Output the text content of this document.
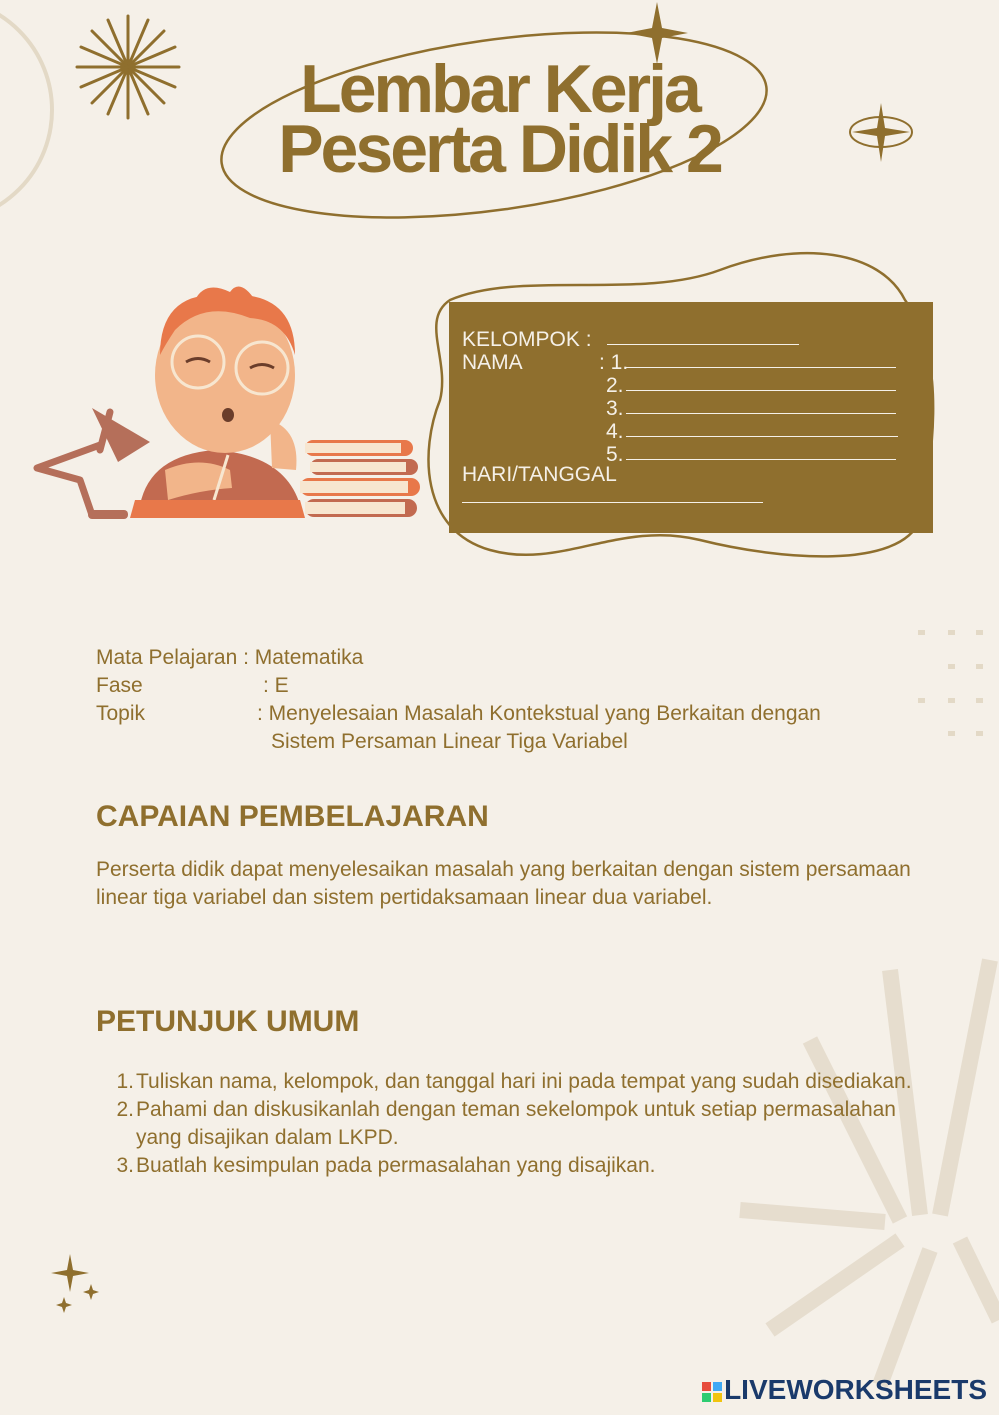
Lembar Kerja
Peserta Didik 2
KELOMPOK :
NAMA	: 1.
2.
3.
4.
5.
HARI/TANGGAL
Mata Pelajaran : Matematika
Fase	: E
Topik	: Menyelesaian Masalah Kontekstual yang Berkaitan dengan
Sistem Persaman Linear Tiga Variabel
CAPAIAN PEMBELAJARAN
Perserta didik dapat menyelesaikan masalah yang berkaitan dengan sistem persamaan linear tiga variabel dan sistem pertidaksamaan linear dua variabel.
PETUNJUK UMUM
1. Tuliskan nama, kelompok, dan tanggal hari ini pada tempat yang sudah disediakan.
2. Pahami dan diskusikanlah dengan teman sekelompok untuk setiap permasalahan yang disajikan dalam LKPD.
3. Buatlah kesimpulan pada permasalahan yang disajikan.
LIVEWORKSHEETS
